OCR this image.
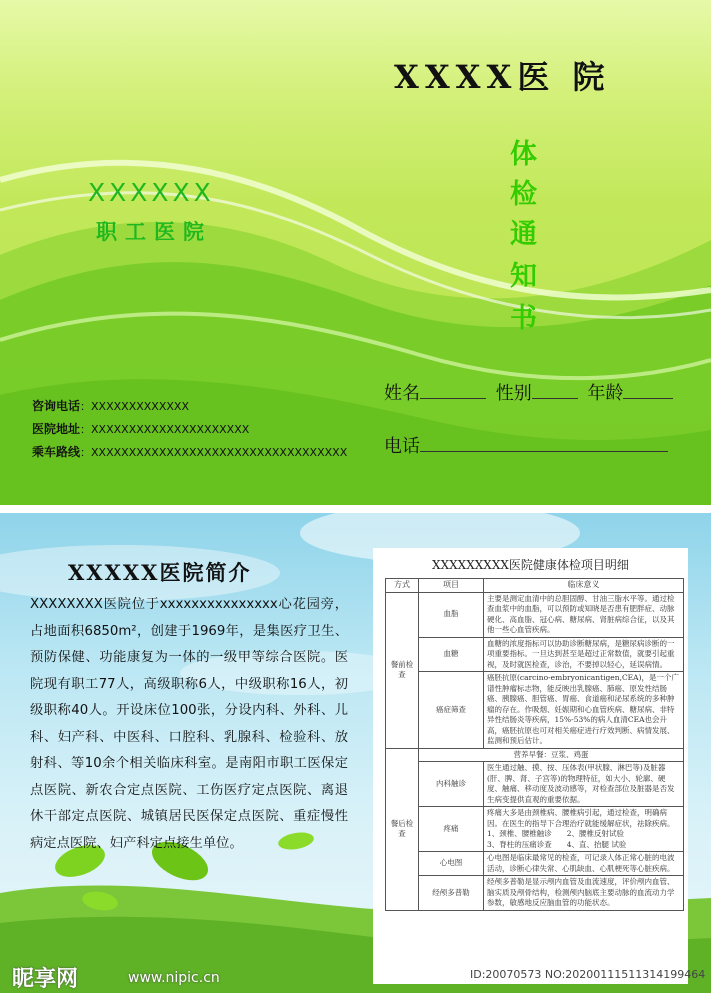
XXXX医 院
XXXXXX
职工医院
体
检
通
知
书
姓名	性别	年龄
电话
咨询电话：XXXXXXXXXXXXX
医院地址：XXXXXXXXXXXXXXXXXXXXX
乘车路线：XXXXXXXXXXXXXXXXXXXXXXXXXXXXXXXXXX
XXXXX医院简介
XXXXXXXX医院位于xxxxxxxxxxxxxxx心花园旁，占地面积6850m²，创建于1969年，是集医疗卫生、预防保健、功能康复为一体的一级甲等综合医院。医院现有职工77人，高级职称6人，中级职称16人，初级职称40人。开设床位100张，分设内科、外科、儿科、妇产科、中医科、口腔科、乳腺科、检验科、放射科、等10余个相关临床科室。是南阳市职工医保定点医院、新农合定点医院、工伤医疗定点医院、离退休干部定点医院、城镇居民医保定点医院、重症慢性病定点医院、妇产科定点接生单位。
XXXXXXXXX医院健康体检项目明细
方式	项目	临床意义
餐前检查	血脂	主要是测定血清中的总胆固醇、甘油三脂水平等。通过检查血浆中的血脂，可以预防或知晓是否患有肥胖症、动脉硬化、高血脂、冠心病、糖尿病、肾脏病综合征，以及其他一些心血管疾病。
	血糖	血糖的浓度指标可以协助诊断糖尿病，是糖尿病诊断的一项重要指标。一旦达到甚至是超过正常数值，就要引起重视，及时就医检查，诊治，不要掉以轻心，延误病情。
	癌症筛查	癌胚抗原(carcino-embryonicantigen,CEA)，是一个广谱性肿瘤标志物，能反映出乳腺癌、肺癌、原发性结肠癌、胰腺癌、胆管癌、胃癌、食道癌和泌尿系统的多种肿瘤的存在。作吸烟、妊娠期和心血管疾病、糖尿病、非特异性结肠炎等疾病，15%-53%的病人血清CEA也会升高，癌胚抗原也可对相关癌症进行疗效判断、病情发展、监测和预后估计。
餐后检查	营养早餐：豆浆、鸡蛋	
	内科触诊	医生通过触、摸、按、压体表(甲状腺、淋巴等)及脏器(肝、脾、肾、子宫等)的物理特征，如大小、轮廓、硬度、触痛、移动度及波动感等，对检查部位及脏器是否发生病变提供直观的重要依据。
	疼痛	疼痛大多是由颈椎病、腰椎病引起，通过检查，明确病因。在医生的指导下合理治疗就能缓解症状，祛除疾病。
1、颈椎、腰椎触诊　　2、腰椎反射试验
3、脊柱的压痛诊查　　4、直、抬腿 试验
	心电图	心电图是临床最常见的检查，可记录人体正常心脏的电波活动，诊断心律失常、心肌缺血、心肌梗死等心脏疾病。
	经颅多普勒	经颅多普勒是显示颅内血管及血流速度，评价颅内血管、脑实质及颅骨结构，检测颅内脑底主要动脉的血流动力学参数，敏感地反应脑血管的功能状态。
昵享网	www.nipic.cn	ID:20070573 NO:20200111511314199464
